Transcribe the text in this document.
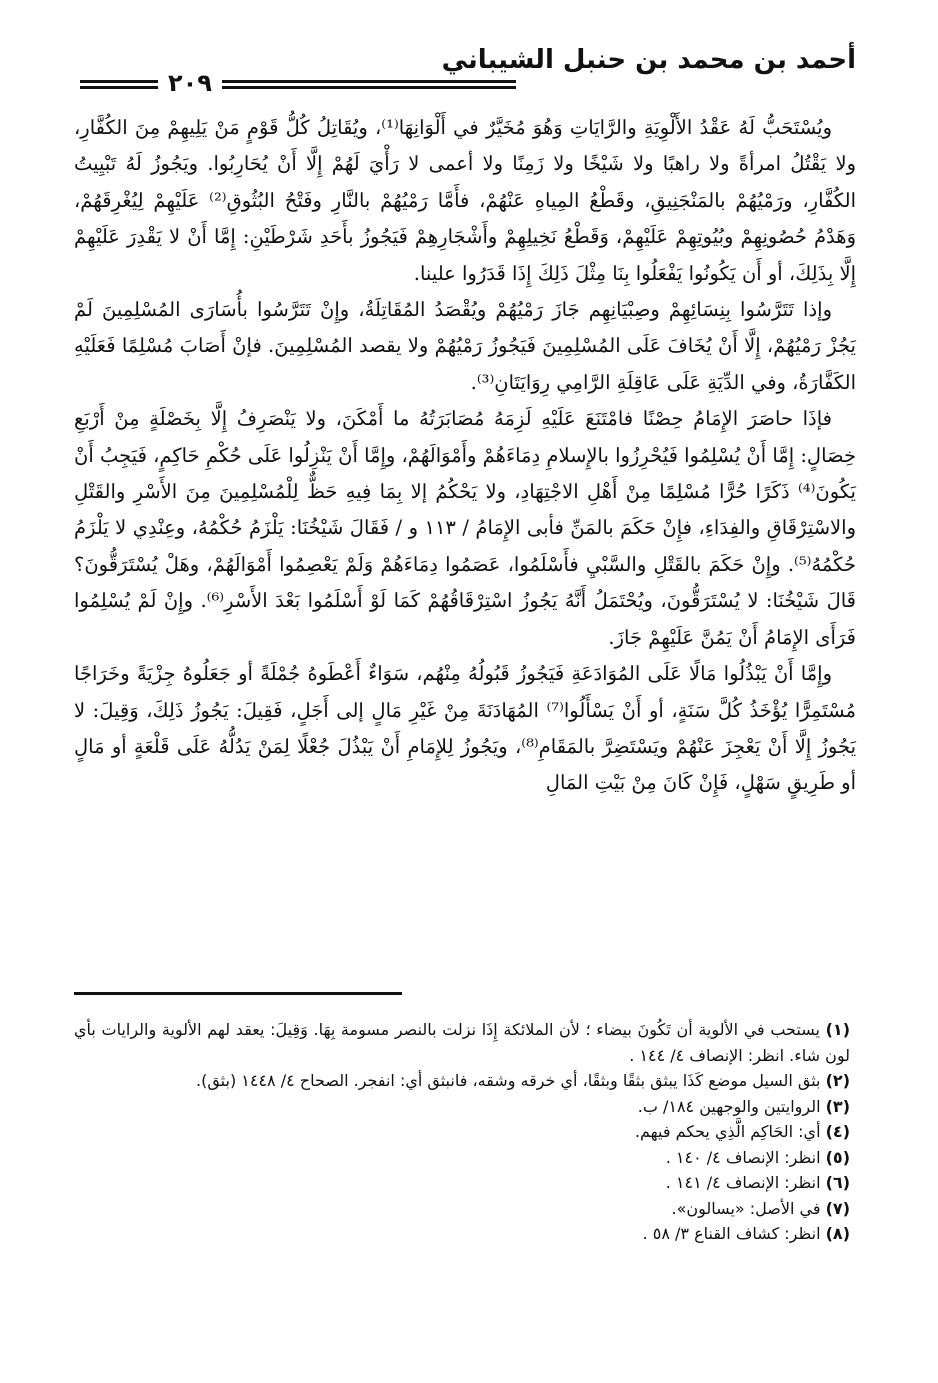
أحمد بن محمد بن حنبل الشيباني
٢٠٩

ويُسْتَحَبُّ لَهُ عَقْدُ الأَلْوِيَةِ والرَّايَاتِ وَهُوَ مُخَيَّرٌ في أَلْوَانِهَا⁽¹⁾، ويُقَاتِلُ كُلُّ قَوْمٍ مَنْ يَلِيهِمْ مِنَ الكُفَّارِ، ولا يَقْتُلُ امرأةً ولا راهبًا ولا شَيْخًا ولا زَمِنًا ولا أعمى لا رَأْيَ لَهُمْ إِلَّا أَنْ يُحَارِبُوا. ويَجُوزُ لَهُ تَبْيِيتُ الكُفَّارِ، ورَمْيُهُمْ بالمَنْجَنِيقِ، وقَطْعُ المِياهِ عَنْهُمْ، فأَمَّا رَمْيُهُمْ بالنَّارِ وفَتْحُ البُثُوقِ⁽²⁾ عَلَيْهِمْ لِيُغْرِقَهُمْ، وَهَدْمُ حُصُونِهِمْ وبُيُوتِهِمْ عَلَيْهِمْ، وَقَطْعُ نَخِيلِهِمْ وأَشْجَارِهِمْ فَيَجُوزُ بأَحَدِ شَرْطَيْنِ: إِمَّا أَنْ لا يَقْدِرَ عَلَيْهِمْ إِلَّا بِذَلِكَ، أو أَن يَكُونُوا يَفْعَلُوا بِنَا مِثْلَ ذَلِكَ إِذَا قَدَرُوا علينا.

وإذا تَتَرَّسُوا بِنِسَائِهِمْ وصِبْيَانِهِم جَازَ رَمْيُهُمْ ويُقْصَدُ المُقَاتِلَةُ، وإِنْ تَتَرَّسُوا بأُسَارَى المُسْلِمِينَ لَمْ يَجُزْ رَمْيُهُمْ، إِلَّا أَنْ يُخَافَ عَلَى المُسْلِمِينَ فَيَجُوزُ رَمْيُهُمْ ولا يقصد المُسْلِمِينَ. فإنْ أَصَابَ مُسْلِمًا فَعَلَيْهِ الكَفَّارَةُ، وفي الدِّيَةِ عَلَى عَاقِلَةِ الرَّامِي رِوَايَتَانِ⁽³⁾.

فإذَا حاصَرَ الإِمَامُ حِصْنًا فامْتَنَعَ عَلَيْهِ لَزِمَهُ مُصَابَرَتُهُ ما أَمْكَنَ، ولا يَنْصَرِفُ إِلَّا بِخَصْلَةٍ مِنْ أَرْبَعِ خِصَالٍ: إِمَّا أَنْ يُسْلِمُوا فَيُحْرِزُوا بالإِسلامِ دِمَاءَهُمْ وأَمْوَالَهُمْ، وإِمَّا أَنْ يَنْزِلُوا عَلَى حُكْمِ حَاكِمٍ، فَيَجِبُ أَنْ يَكُونَ⁽⁴⁾ ذَكَرًا حُرًّا مُسْلِمًا مِنْ أَهْلِ الاجْتِهَادِ، ولا يَحْكُمُ إلا بِمَا فِيهِ حَظٌّ لِلْمُسْلِمِينَ مِنَ الأَسْرِ والقَتْلِ والاسْتِرْقَاقِ والفِدَاءِ، فإِنْ حَكَمَ بالمَنِّ فأبى الإِمَامُ / ١١٣ و / فَقَالَ شَيْخُنَا: يَلْزَمُ حُكْمُهُ، وعِنْدِي لا يَلْزَمُ حُكْمُهُ⁽⁵⁾. وإِنْ حَكَمَ بالقَتْلِ والسَّبْيِ فأَسْلَمُوا، عَصَمُوا دِمَاءَهُمْ وَلَمْ يَعْصِمُوا أَمْوَالَهُمْ، وهَلْ يُسْتَرَقُّونَ؟ قَالَ شَيْخُنَا: لا يُسْتَرَقُّونَ، ويُحْتَمَلُ أَنَّهُ يَجُوزُ اسْتِرْقَاقُهُمْ كَمَا لَوْ أَسْلَمُوا بَعْدَ الأَسْرِ⁽⁶⁾. وإِنْ لَمْ يُسْلِمُوا فَرَأَى الإِمَامُ أَنْ يَمُنَّ عَلَيْهِمْ جَازَ.

وإِمَّا أَنْ يَبْذُلُوا مَالًا عَلَى المُوَادَعَةِ فَيَجُوزُ قَبُولُهُ مِنْهُم، سَوَاءٌ أَعْطَوهُ جُمْلَةً أو جَعَلُوهُ جِزْيَةً وخَرَاجًا مُسْتَمِرًّا يُؤْخَذُ كُلَّ سَنَةٍ، أو أَنْ يَسْأَلُوا⁽⁷⁾ المُهَادَنَةَ مِنْ غَيْرِ مَالٍ إلى أَجَلٍ، فَقِيلَ: يَجُوزُ ذَلِكَ، وَقِيلَ: لا يَجُوزُ إِلَّا أَنْ يَعْجِزَ عَنْهُمْ ويَسْتَضِرَّ بالمَقَامِ⁽⁸⁾، ويَجُوزُ لِلإِمَامِ أَنْ يَبْذُلَ جُعْلًا لِمَنْ يَدُلُّهُ عَلَى قَلْعَةٍ أو مَالٍ أو طَرِيقٍ سَهْلٍ، فَإِنْ كَانَ مِنْ بَيْتِ المَالِ

(١) يستحب في الألوية أن تَكُونَ بيضاء ؛ لأن الملائكة إِذَا نزلت بالنصر مسومة بِهَا. وَقِيلَ: يعقد لهم الألوية والرايات بأي لون شاء. انظر: الإنصاف ٤/ ١٤٤ .

(٢) بثق السيل موضع كَذَا يبثق بثقًا وبثقًا، أي خرقه وشقه، فانبثق أي: انفجر. الصحاح ٤/ ١٤٤٨ (بثق).

(٣) الروايتين والوجهين ١٨٤/ ب.

(٤) أي: الحَاكِم الَّذِي يحكم فيهم.

(٥) انظر: الإنصاف ٤/ ١٤٠ .

(٦) انظر: الإنصاف ٤/ ١٤١ .

(٧) في الأصل: «يسالون».

(٨) انظر: كشاف القناع ٣/ ٥٨ .
